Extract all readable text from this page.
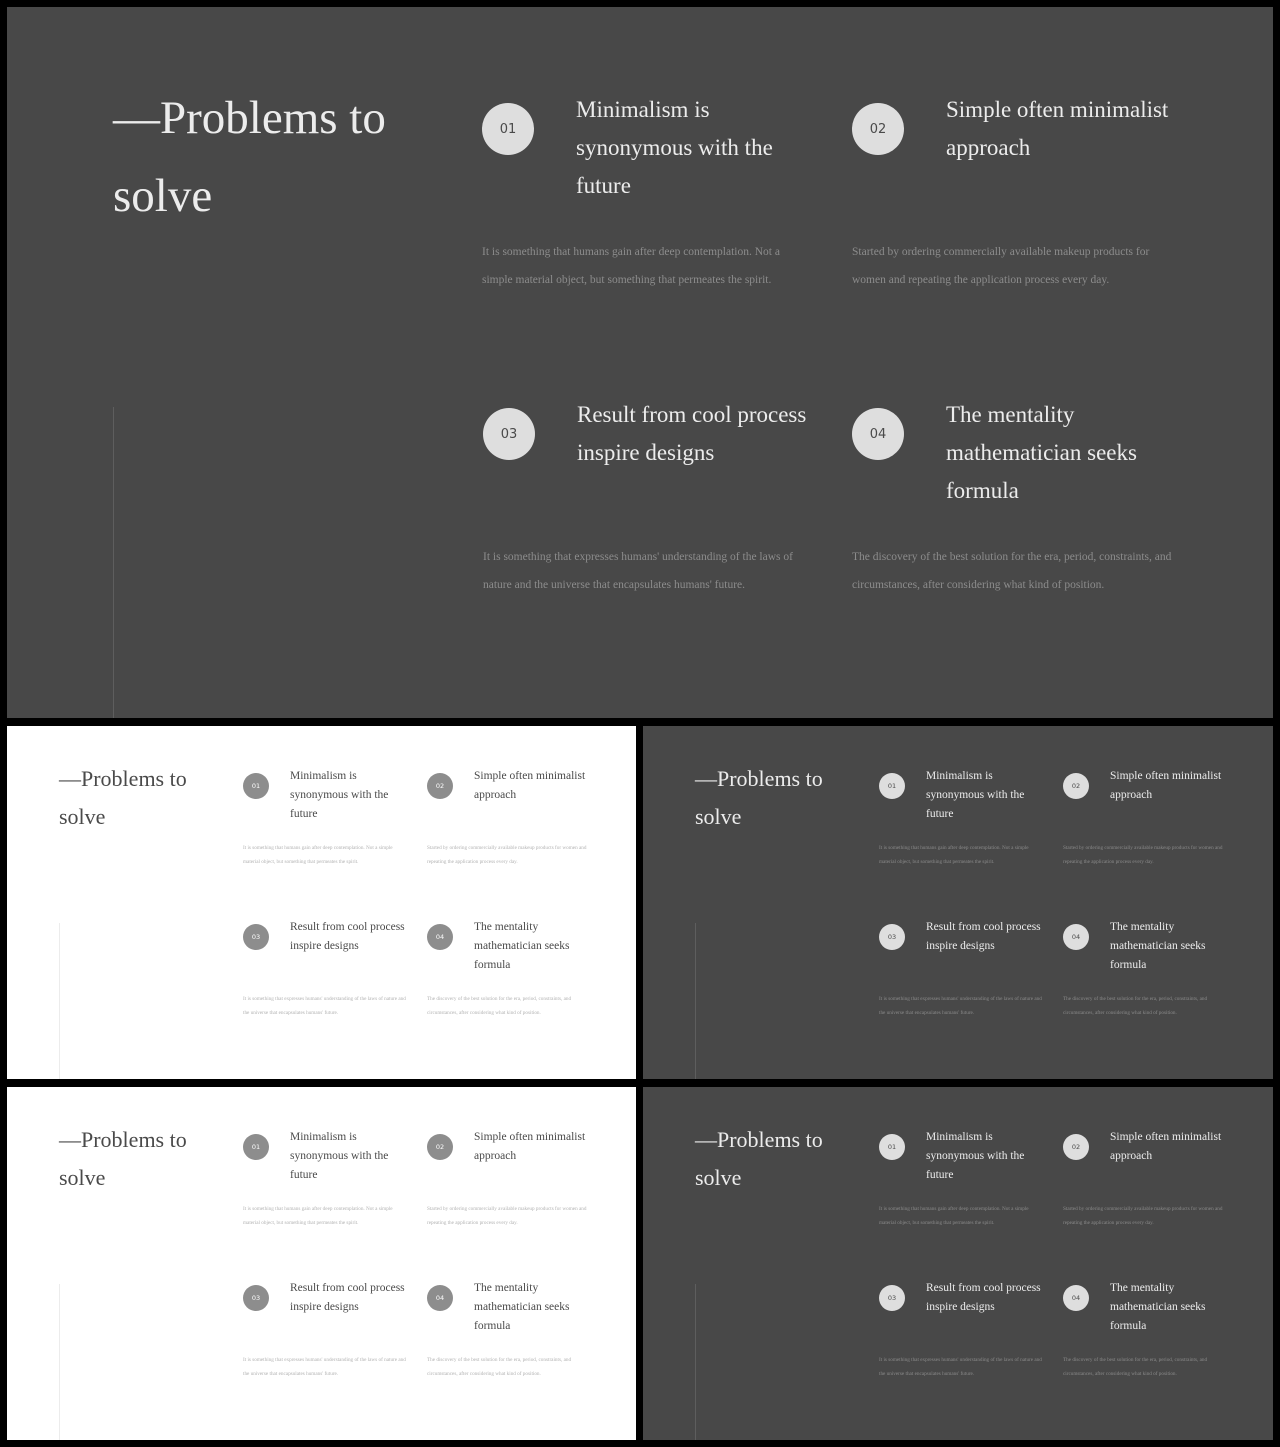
—Problems to solve
01
Minimalism is synonymous with the future
It is something that humans gain after deep contemplation. Not a simple material object, but something that permeates the spirit.
02
Simple often minimalist approach
Started by ordering commercially available makeup products for women and repeating the application process every day.
03
Result from cool process inspire designs
It is something that expresses humans' understanding of the laws of nature and the universe that encapsulates humans' future.
04
The mentality mathematician seeks formula
The discovery of the best solution for the era, period, constraints, and circumstances, after considering what kind of position.
—Problems to solve
01
Minimalism is synonymous with the future
It is something that humans gain after deep contemplation. Not a simple material object, but something that permeates the spirit.
02
Simple often minimalist approach
Started by ordering commercially available makeup products for women and repeating the application process every day.
03
Result from cool process inspire designs
It is something that expresses humans' understanding of the laws of nature and the universe that encapsulates humans' future.
04
The mentality mathematician seeks formula
The discovery of the best solution for the era, period, constraints, and circumstances, after considering what kind of position.
—Problems to solve
01
Minimalism is synonymous with the future
It is something that humans gain after deep contemplation. Not a simple material object, but something that permeates the spirit.
02
Simple often minimalist approach
Started by ordering commercially available makeup products for women and repeating the application process every day.
03
Result from cool process inspire designs
It is something that expresses humans' understanding of the laws of nature and the universe that encapsulates humans' future.
04
The mentality mathematician seeks formula
The discovery of the best solution for the era, period, constraints, and circumstances, after considering what kind of position.
—Problems to solve
01
Minimalism is synonymous with the future
It is something that humans gain after deep contemplation. Not a simple material object, but something that permeates the spirit.
02
Simple often minimalist approach
Started by ordering commercially available makeup products for women and repeating the application process every day.
03
Result from cool process inspire designs
It is something that expresses humans' understanding of the laws of nature and the universe that encapsulates humans' future.
04
The mentality mathematician seeks formula
The discovery of the best solution for the era, period, constraints, and circumstances, after considering what kind of position.
—Problems to solve
01
Minimalism is synonymous with the future
It is something that humans gain after deep contemplation. Not a simple material object, but something that permeates the spirit.
02
Simple often minimalist approach
Started by ordering commercially available makeup products for women and repeating the application process every day.
03
Result from cool process inspire designs
It is something that expresses humans' understanding of the laws of nature and the universe that encapsulates humans' future.
04
The mentality mathematician seeks formula
The discovery of the best solution for the era, period, constraints, and circumstances, after considering what kind of position.
